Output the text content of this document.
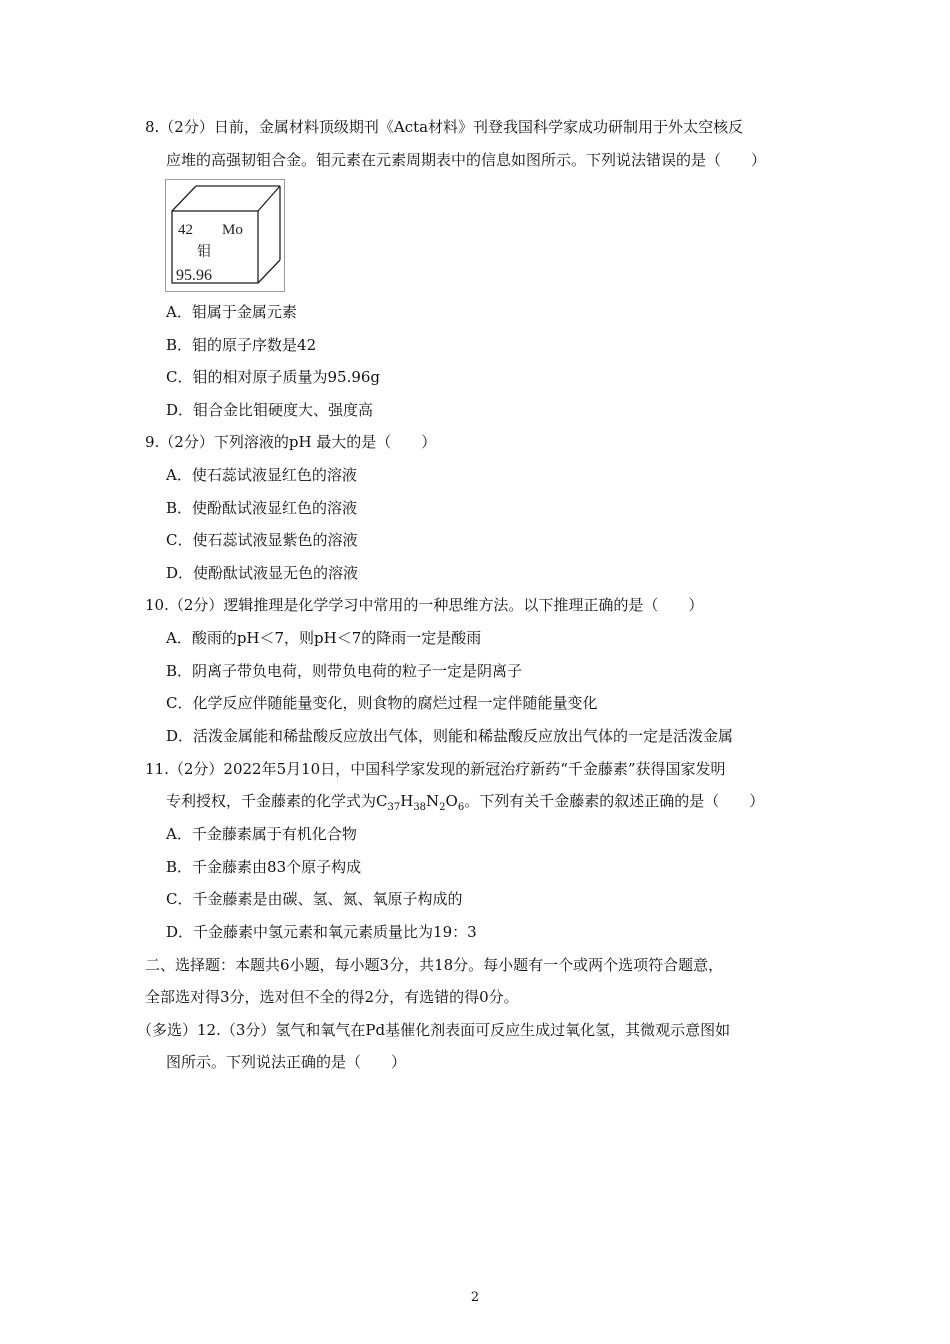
8.（2分）日前，金属材料顶级期刊《Acta材料》刊登我国科学家成功研制用于外太空核反
应堆的高强韧钼合金。钼元素在元素周期表中的信息如图所示。下列说法错误的是（　　）
42 Mo
钼
95.96
A．钼属于金属元素
B．钼的原子序数是42
C．钼的相对原子质量为95.96g
D．钼合金比钼硬度大、强度高
9.（2分）下列溶液的pH 最大的是（　　）
A．使石蕊试液显红色的溶液
B．使酚酞试液显红色的溶液
C．使石蕊试液显紫色的溶液
D．使酚酞试液显无色的溶液
10.（2分）逻辑推理是化学学习中常用的一种思维方法。以下推理正确的是（　　）
A．酸雨的pH＜7，则pH＜7的降雨一定是酸雨
B．阴离子带负电荷，则带负电荷的粒子一定是阴离子
C．化学反应伴随能量变化，则食物的腐烂过程一定伴随能量变化
D．活泼金属能和稀盐酸反应放出气体，则能和稀盐酸反应放出气体的一定是活泼金属
11.（2分）2022年5月10日，中国科学家发现的新冠治疗新药“千金藤素”获得国家发明
专利授权，千金藤素的化学式为$C_{37}H_{38}N_2O_6$。下列有关千金藤素的叙述正确的是（　　）
A．千金藤素属于有机化合物
B．千金藤素由83个原子构成
C．千金藤素是由碳、氢、氮、氧原子构成的
D．千金藤素中氢元素和氧元素质量比为19：3
二、选择题：本题共6小题，每小题3分，共18分。每小题有一个或两个选项符合题意，
全部选对得3分，选对但不全的得2分，有选错的得0分。
（多选）12.（3分）氢气和氧气在Pd基催化剂表面可反应生成过氧化氢，其微观示意图如
图所示。下列说法正确的是（　　）
2
